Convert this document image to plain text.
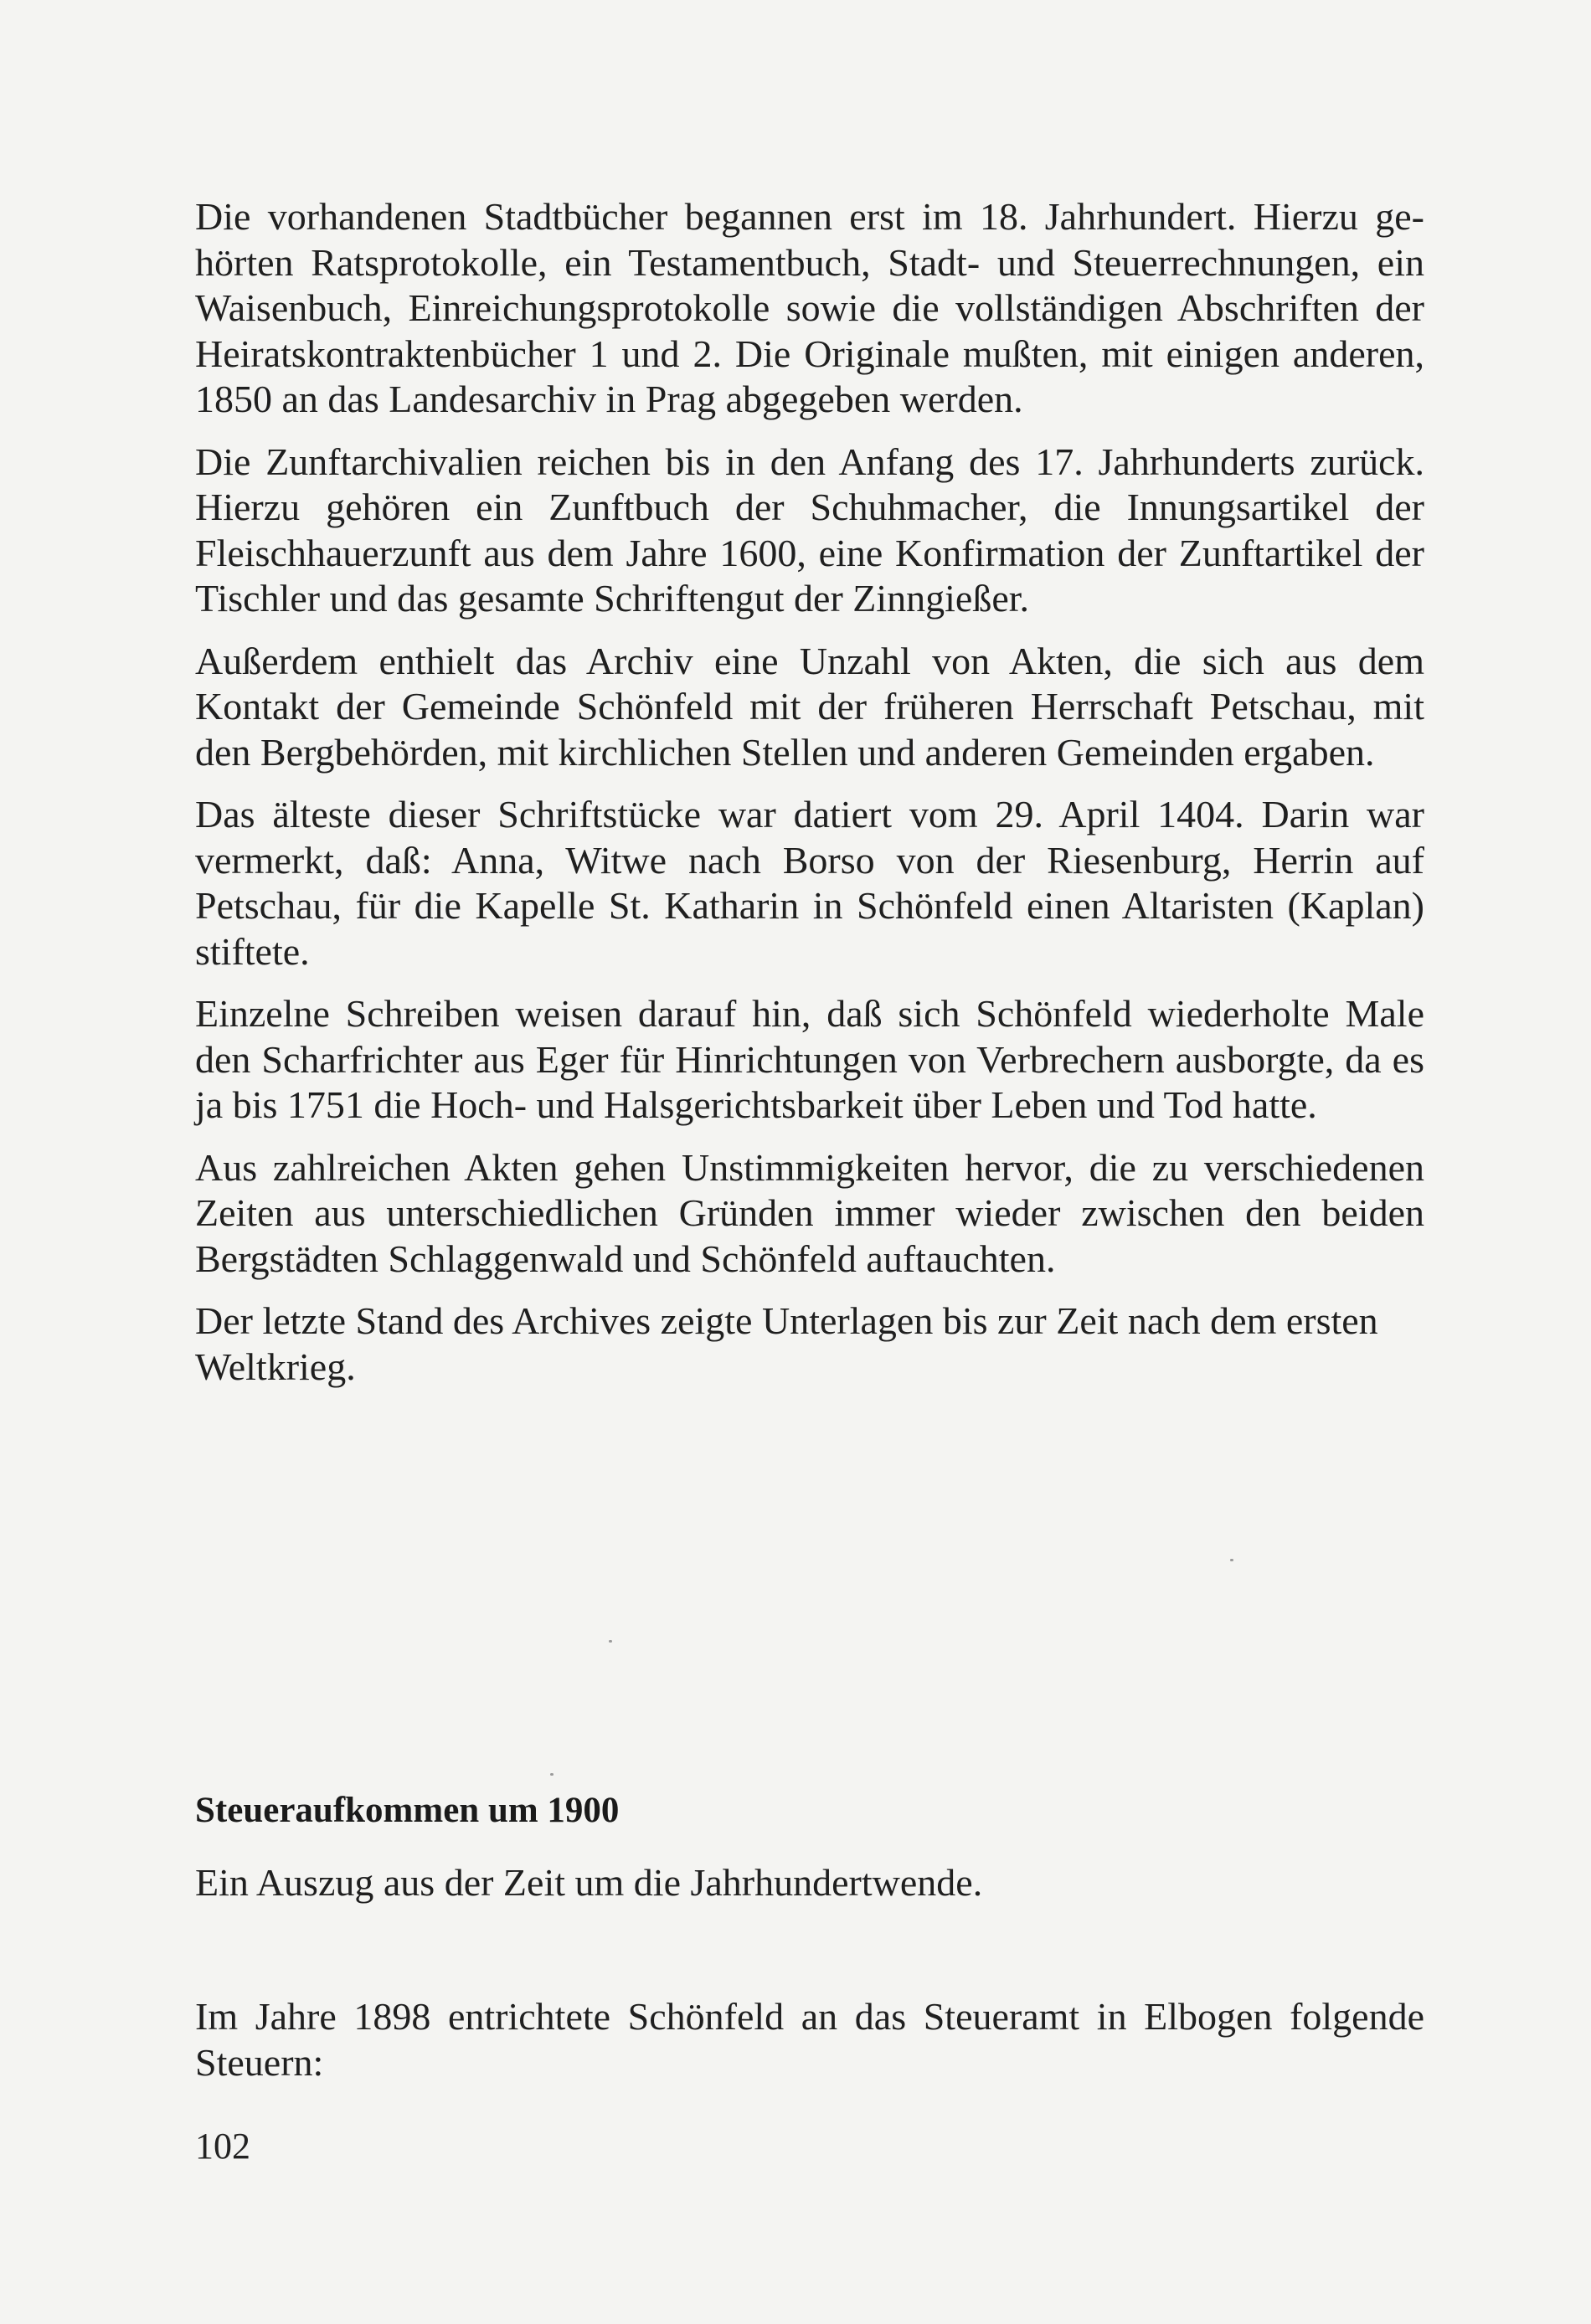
Die vorhandenen Stadtbücher begannen erst im 18. Jahrhundert. Hierzu gehörten Ratsprotokolle, ein Testamentbuch, Stadt- und Steuerrechnungen, ein Waisenbuch, Einreichungsprotokolle sowie die vollständigen Abschriften der Heiratskontraktenbücher 1 und 2. Die Originale mußten, mit einigen anderen, 1850 an das Landesarchiv in Prag abgegeben werden.

Die Zunftarchivalien reichen bis in den Anfang des 17. Jahrhunderts zurück. Hierzu gehören ein Zunftbuch der Schuhmacher, die Innungsartikel der Fleischhauerzunft aus dem Jahre 1600, eine Konfirmation der Zunftartikel der Tischler und das gesamte Schriftengut der Zinngießer.

Außerdem enthielt das Archiv eine Unzahl von Akten, die sich aus dem Kontakt der Gemeinde Schönfeld mit der früheren Herrschaft Petschau, mit den Bergbehörden, mit kirchlichen Stellen und anderen Gemeinden ergaben.

Das älteste dieser Schriftstücke war datiert vom 29. April 1404. Darin war vermerkt, daß: Anna, Witwe nach Borso von der Riesenburg, Herrin auf Petschau, für die Kapelle St. Katharin in Schönfeld einen Altaristen (Kaplan) stiftete.

Einzelne Schreiben weisen darauf hin, daß sich Schönfeld wiederholte Male den Scharfrichter aus Eger für Hinrichtungen von Verbrechern ausborgte, da es ja bis 1751 die Hoch- und Halsgerichtsbarkeit über Leben und Tod hatte.

Aus zahlreichen Akten gehen Unstimmigkeiten hervor, die zu verschiedenen Zeiten aus unterschiedlichen Gründen immer wieder zwischen den beiden Bergstädten Schlaggenwald und Schönfeld auftauchten.

Der letzte Stand des Archives zeigte Unterlagen bis zur Zeit nach dem ersten Weltkrieg.

Steueraufkommen um 1900

Ein Auszug aus der Zeit um die Jahrhundertwende.

Im Jahre 1898 entrichtete Schönfeld an das Steueramt in Elbogen folgende Steuern:

102
